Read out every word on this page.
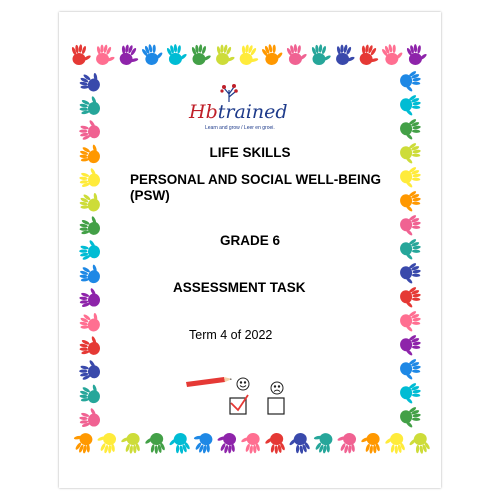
Hbtrained
Learn and grow / Leer en groei.
LIFE SKILLS
PERSONAL AND SOCIAL WELL-BEING
(PSW)
GRADE 6
ASSESSMENT TASK
Term 4 of 2022
